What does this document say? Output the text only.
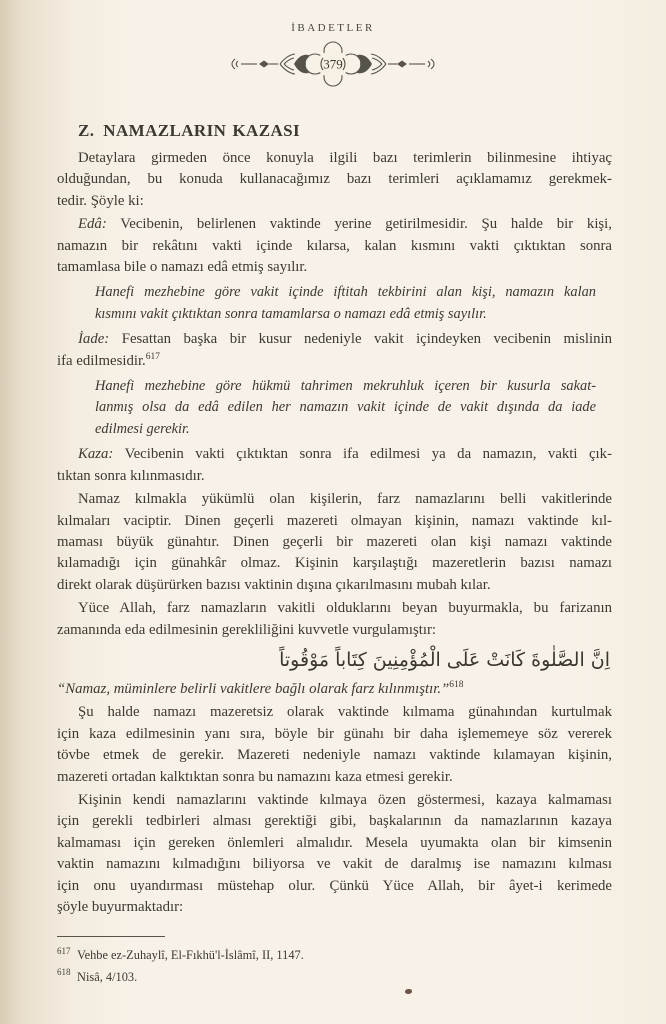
İBADETLER
379
Z. NAMAZLARIN KAZASI
Detaylara girmeden önce konuyla ilgili bazı terimlerin bilinmesine ihtiyaç
olduğundan, bu konuda kullanacağımız bazı terimleri açıklamamız gerekmek-
tedir. Şöyle ki:
Edâ: Vecibenin, belirlenen vaktinde yerine getirilmesidir. Şu halde bir kişi,
namazın bir rekâtını vakti içinde kılarsa, kalan kısmını vakti çıktıktan sonra
tamamlasa bile o namazı edâ etmiş sayılır.
Hanefi mezhebine göre vakit içinde iftitah tekbirini alan kişi, namazın kalan
kısmını vakit çıktıktan sonra tamamlarsa o namazı edâ etmiş sayılır.
İade: Fesattan başka bir kusur nedeniyle vakit içindeyken vecibenin mislinin
ifa edilmesidir.$^{617}$
Hanefi mezhebine göre hükmü tahrimen mekruhluk içeren bir kusurla sakat-
lanmış olsa da edâ edilen her namazın vakit içinde de vakit dışında da iade
edilmesi gerekir.
Kaza: Vecibenin vakti çıktıktan sonra ifa edilmesi ya da namazın, vakti çık-
tıktan sonra kılınmasıdır.
Namaz kılmakla yükümlü olan kişilerin, farz namazlarını belli vakitlerinde
kılmaları vaciptir. Dinen geçerli mazereti olmayan kişinin, namazı vaktinde kıl-
maması büyük günahtır. Dinen geçerli bir mazereti olan kişi namazı vaktinde
kılamadığı için günahkâr olmaz. Kişinin karşılaştığı mazeretlerin bazısı namazı
direkt olarak düşürürken bazısı vaktinin dışına çıkarılmasını mubah kılar.
Yüce Allah, farz namazların vakitli olduklarını beyan buyurmakla, bu farizanın
zamanında eda edilmesinin gerekliliğini kuvvetle vurgulamıştır:
اِنَّ الصَّلٰوةَ كَانَتْ عَلَى الْمُؤْمِنِينَ كِتَاباً مَوْقُوتاً
“Namaz, müminlere belirli vakitlere bağlı olarak farz kılınmıştır.”$^{618}$
Şu halde namazı mazeretsiz olarak vaktinde kılmama günahından kurtulmak
için kaza edilmesinin yanı sıra, böyle bir günahı bir daha işlememeye söz vererek
tövbe etmek de gerekir. Mazereti nedeniyle namazı vaktinde kılamayan kişinin,
mazereti ortadan kalktıktan sonra bu namazını kaza etmesi gerekir.
Kişinin kendi namazlarını vaktinde kılmaya özen göstermesi, kazaya kalmaması
için gerekli tedbirleri alması gerektiği gibi, başkalarının da namazlarının kazaya
kalmaması için gereken önlemleri almalıdır. Mesela uyumakta olan bir kimsenin
vaktin namazını kılmadığını biliyorsa ve vakit de daralmış ise namazını kılması
için onu uyandırması müstehap olur. Çünkü Yüce Allah, bir âyet-i kerimede
şöyle buyurmaktadır:
$^{617}$ Vehbe ez-Zuhaylî, El-Fıkhü'l-İslâmî, II, 1147.
$^{618}$ Nisâ, 4/103.
